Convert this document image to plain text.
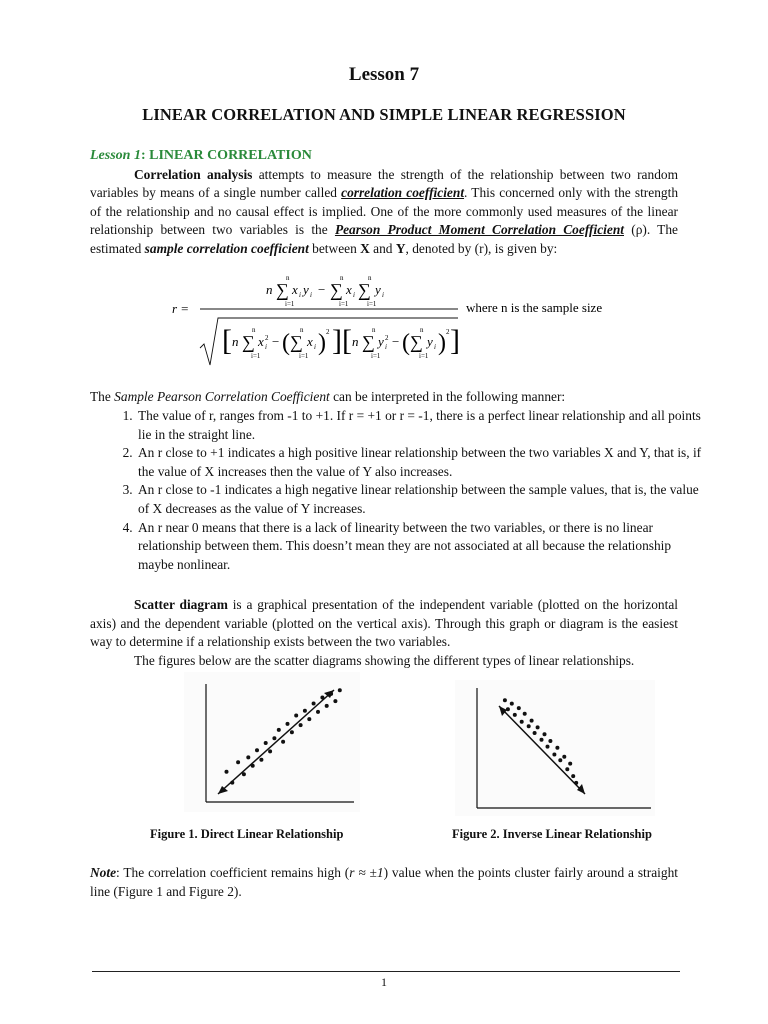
Lesson 7
LINEAR CORRELATION AND SIMPLE LINEAR REGRESSION

Lesson 1: LINEAR CORRELATION
Correlation analysis attempts to measure the strength of the relationship between two random variables by means of a single number called correlation coefficient. This concerned only with the strength of the relationship and no causal effect is implied. One of the more commonly used measures of the linear relationship between two variables is the Pearson Product Moment Correlation Coefficient (ρ). The estimated sample correlation coefficient between X and Y, denoted by (r), is given by:

r =
n ∑
n
i=1
x i y i − ∑
n
i=1
x i ∑
n
i=1
y i
[ n ∑
n
i=1
x i
2 − ( ∑
n
i=1
x i ) 2 ] [ n ∑
n
i=1
y i
2 − ( ∑
n
i=1
y i ) 2 ]
where n is the sample size

The Sample Pearson Correlation Coefficient can be interpreted in the following manner:

1. The value of r, ranges from -1 to +1. If r = +1 or r = -1, there is a perfect linear relationship and all points lie in the straight line.
2. An r close to +1 indicates a high positive linear relationship between the two variables X and Y, that is, if the value of X increases then the value of Y also increases.
3. An r close to -1 indicates a high negative linear relationship between the sample values, that is, the value of X decreases as the value of Y increases.
4. An r near 0 means that there is a lack of linearity between the two variables, or there is no linear relationship between them. This doesn’t mean they are not associated at all because the relationship maybe nonlinear.

Scatter diagram is a graphical presentation of the independent variable (plotted on the horizontal axis) and the dependent variable (plotted on the vertical axis). Through this graph or diagram is the easiest way to determine if a relationship exists between the two variables.

The figures below are the scatter diagrams showing the different types of linear relationships.

Figure 1. Direct Linear Relationship	Figure 2. Inverse Linear Relationship

Note: The correlation coefficient remains high (r ≈ ±1) value when the points cluster fairly around a straight line (Figure 1 and Figure 2).

1
